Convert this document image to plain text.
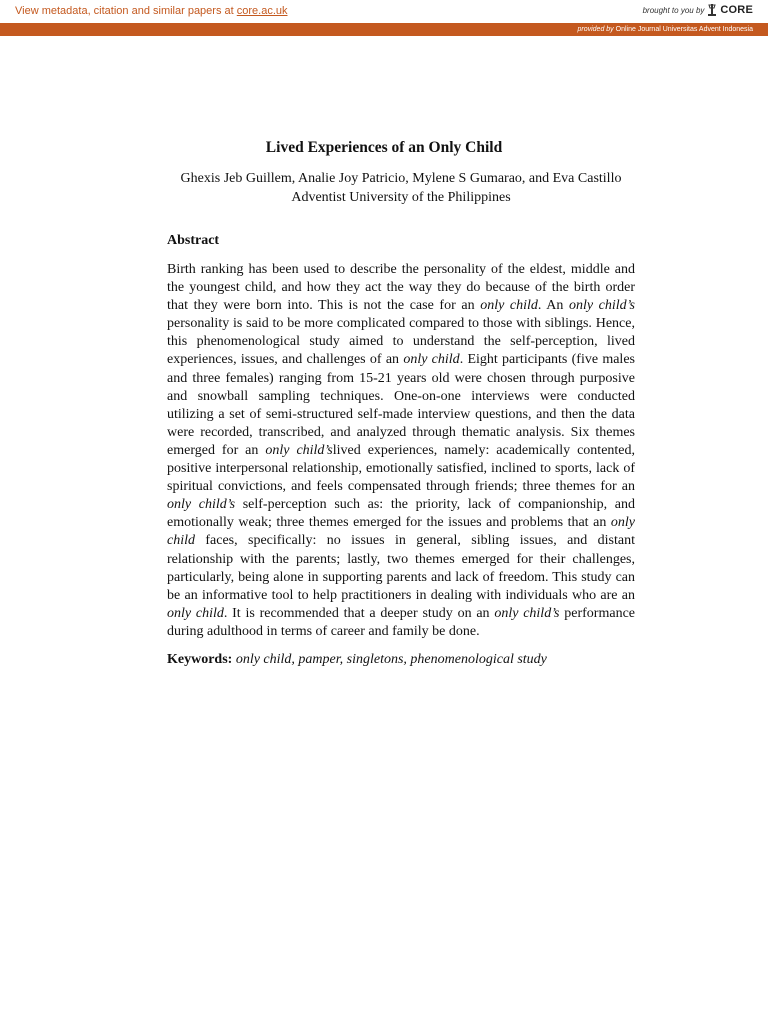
View metadata, citation and similar papers at core.ac.uk	brought to you by CORE
provided by Online Journal Universitas Advent Indonesia
Lived Experiences of an Only Child
Ghexis Jeb Guillem, Analie Joy Patricio, Mylene S Gumarao, and Eva Castillo
Adventist University of the Philippines
Abstract
Birth ranking has been used to describe the personality of the eldest, middle and the youngest child, and how they act the way they do because of the birth order that they were born into. This is not the case for an only child. An only child’s personality is said to be more complicated compared to those with siblings. Hence, this phenomenological study aimed to understand the self-perception, lived experiences, issues, and challenges of an only child. Eight participants (five males and three females) ranging from 15-21 years old were chosen through purposive and snowball sampling techniques. One-on-one interviews were conducted utilizing a set of semi-structured self-made interview questions, and then the data were recorded, transcribed, and analyzed through thematic analysis. Six themes emerged for an only child’slived experiences, namely: academically contented, positive interpersonal relationship, emotionally satisfied, inclined to sports, lack of spiritual convictions, and feels compensated through friends; three themes for an only child’s self-perception such as: the priority, lack of companionship, and emotionally weak; three themes emerged for the issues and problems that an only child faces, specifically: no issues in general, sibling issues, and distant relationship with the parents; lastly, two themes emerged for their challenges, particularly, being alone in supporting parents and lack of freedom. This study can be an informative tool to help practitioners in dealing with individuals who are an only child. It is recommended that a deeper study on an only child’s performance during adulthood in terms of career and family be done.
Keywords: only child, pamper, singletons, phenomenological study
